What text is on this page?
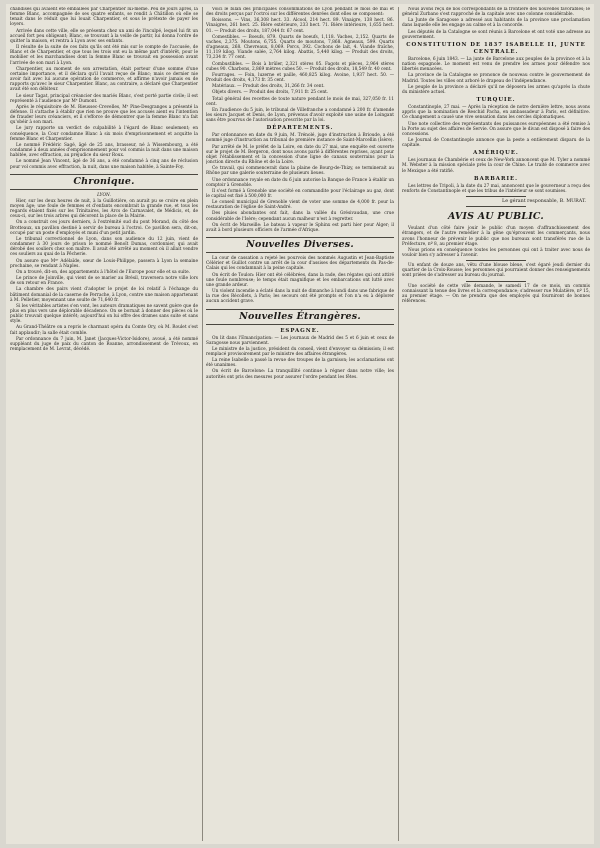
chandises qui avaient été emballées par Charpentier lui-même. Peu de jours après, la femme Blanc, accompagnée de ses quatre enfants, se rendit à Châtillon où elle se tenait dans le réduit que lui louait Charpentier, et sous le prétexte de payer les loyers.

Arrivée dans cette ville, elle se présenta chez un ami de l'inculpé, lequel lui fit un accueil fort peu obligeant; Blanc, se trouvant à la veille de partir, lui donna l'ordre de quitter la maison, et rentra à Lyon avec ses enfants.

Il résulte de la suite de ces faits qu'ils ont été mis sur le compte de l'accusée, de Blanc et de Charpentier, et que tous les trois ont eu la même part d'intérêt, pour le mobilier et les marchandises dont la femme Blanc se trouvait en possession avant l'arrivée de son mari à Lyon.

Charpentier, au moment de son arrestation, était porteur d'une somme d'une certaine importance, et il déclara qu'il l'avait reçue de Blanc; mais ce dernier nie avoir fait avec lui aucune opération de commerce, et affirme n'avoir jamais eu de rapports qu'avec le sieur Charpentier. Blanc, au contraire, a déclaré que Charpentier avait été son débiteur.

Le sieur Tagat, principal créancier des mariés Blanc, s'est porté partie civile; il est représenté à l'audience par Mᵉ Dumont.

Après le réquisitoire de M. Rieussec-Crevelles, Mᵉ Pine-Desgranges a présenté la défense. Il s'attache à établir que rien ne prouve que les accusés aient eu l'intention de frauder leurs créanciers, et il s'efforce de démontrer que la femme Blanc n'a fait qu'obéir à son mari.

Le jury rapporte un verdict de culpabilité à l'égard de Blanc seulement; en conséquence, la Cour condamne Blanc à six mois d'emprisonnement et acquitte la femme Blanc et Charpentier.

Le nommé Frédéric Sagé, âgé de 25 ans, brasseur, né à Wissembourg, a été condamné à deux années d'emprisonnement pour vol commis la nuit dans une maison habitée, avec effraction, au préjudice du sieur Roux.

Le nommé Jean Vincent, âgé de 36 ans, a été condamné à cinq ans de réclusion pour vol commis avec effraction, la nuit, dans une maison habitée, à Sainte-Foy.

Chronique.
LYON.

Hier, sur les deux heures de nuit, à la Guillotière, on aurait pu se croire en plein moyen âge; une foule de femmes et d'enfants encombrait la grande rue, et tous les regards étaient fixés sur les Trinitaires, les Arcs de Carnavalet, de Médicis, et, de ceux-ci, sur les trois arbres qui décorent la place de la Mairie.

On a construit ces jours derniers, à l'extrémité sud du pont Morand, du côté des Brotteaux, un pavillon destiné à servir de bureau à l'octroi. Ce pavillon sera, dit-on, occupé par un poste d'employés et muni d'un petit jardin.

Le tribunal correctionnel de Lyon, dans son audience du 12 juin, vient de condamner à 30 jours de prison le nommé Benoît Dumas, cordonnier, qui avait dérobé des souliers chez son maître. Il avait été arrêté au moment où il allait vendre ces souliers au quai de la Pêcherie.

On assure que Mᵍʳ Adélaïde, sœur de Louis-Philippe, passera à Lyon la semaine prochaine, se rendant à Naples.

On a trouvé, dit-on, des appartements à l'hôtel de l'Europe pour elle et sa suite.

Le prince de Joinville, qui vient de se marier au Brésil, traversera notre ville lors de son retour en France.

La chambre des pairs vient d'adopter le projet de loi relatif à l'échange du bâtiment domanial de la caserne de Perrache, à Lyon, contre une maison appartenant à M. Pelletier, moyennant une soulte de 71,640 fr.

Si les véritables artistes s'en vont, les auteurs dramatiques ne savent guère que de plus en plus vers une déplorable décadence. On se bornait à donner des pièces où le public trouvait quelque intérêt; aujourd'hui on lui offre des drames sans suite et sans style.

Au Grand-Théâtre on a repris le charmant opéra du Comte Ory, où M. Roulet s'est fait applaudir; la salle était comble.

Par ordonnance du 7 juin, M. Janet (Jacques-Victor-Isidore), avoué, a été nommé suppléant du juge de paix du canton de Roanne, arrondissement de Trévoux, en remplacement de M. Levrat, décédé.

Voici le bilan des principales consommations de Lyon pendant le mois de mai et des droits perçus par l'octroi sur les différentes denrées dont elles se composent:

Boissons. — Vins, 36,308 hect. 33. Alcool, 214 hect. 89. Vinaigre, 138 hect. 86. Vinaigres, 261 hect. 25. Bière extérieure, 233 hect. 71. Bière intérieure, 1,655 hect. 01. — Produit des droits, 187,044 fr. 67 cent.

Comestibles. — Boeufs, 879. Quarts de boeufs, 1,118. Vaches, 2,152. Quarts de vaches, 2,375. Moutons, 6,755. Quarts de moutons, 7,868. Agneaux, 599. Quarts d'agneaux, 268. Chevreaux, 8,069. Porcs, 392. Cochons de lait, 4. Viande fraîche, 11,119 kilog. Viande salée, 2,764 kilog. Abattis, 5,440 kilog. — Produit des droits, 73,234 fr. 77 cent.

Combustibles. — Bois à brûler, 2,321 stères 05. Fagots et pièces, 2,964 stères cubes 90. Charbons, 2,869 mètres cubes 50. — Produit des droits, 18,549 fr. 40 cent.

Fourrages. — Foin, luzerne et paille, 460,825 kilog. Avoine, 1,937 hect. 50. — Produit des droits, 4,173 fr. 35 cent.

Matériaux. — Produit des droits, 31,266 fr. 34 cent.

Objets divers. — Produit des droits, 7,911 fr. 25 cent.

Total général des recettes de toute nature pendant le mois de mai, 327,050 fr. 11 cent.

En l'audience du 5 juin, le tribunal de Villefranche a condamné à 200 fr. d'amende les sieurs Jacquet et Denis, de Lyon, prévenus d'avoir exploité une usine de Loingant sans être pourvus de l'autorisation prescrite par la loi.

DÉPARTEMENTS.

Par ordonnance en date du 9 juin, M. Trénolé, juge d'instruction à Brioude, a été nommé juge d'instruction au tribunal de première instance de Saint-Marcellin (Isère).

Par arrêté de M. le préfet de la Loire, en date du 27 mai, une enquête est ouverte sur le projet de M. Bergeron, dont nous avons parlé à différentes reprises, ayant pour objet l'établissement et la concession d'une ligne de canaux souterrains pour la jonction directe du Rhône et de la Loire.

Ce travail, qui commencerait dans la plaine de Bourg-de-Thizy, se terminerait au Rhône par une galerie souterraine de plusieurs lieues.

Une ordonnance royale en date du 6 juin autorise la Banque de France à établir un comptoir à Grenoble.

Il s'est formé à Grenoble une société en commandite pour l'éclairage au gaz, dont le capital est fixé à 500,000 fr.

Le conseil municipal de Grenoble vient de voter une somme de 4,000 fr. pour la restauration de l'église de Saint-André.

Des pluies abondantes ont fait, dans la vallée du Grésivaudan, une crue considérable de l'Isère; cependant aucun malheur n'est à regretter.

On écrit de Marseille: Le bateau à vapeur le Sphinx est parti hier pour Alger; il avait à bord plusieurs officiers de l'armée d'Afrique.

Nouvelles Diverses.

La cour de cassation a rejeté les pourvois des nommés Augustin et Jean-Baptiste Célérier et Guillot contre un arrêt de la cour d'assises des départements du Pas-de-Calais qui les condamnait à la peine capitale.

On écrit de Toulon: Hier ont été célébrées, dans la rade, des régates qui ont attiré une foule nombreuse; le temps était magnifique et les embarcations ont lutté avec une grande ardeur.

Un violent incendie a éclaté dans la nuit de dimanche à lundi dans une fabrique de la rue des Récollets, à Paris; les secours ont été prompts et l'on n'a eu à déplorer aucun accident grave.

Nouvelles Étrangères.
ESPAGNE.

On lit dans l'Emancipation: — Les journaux de Madrid des 5 et 6 juin et ceux de Saragosse nous parviennent.

Le ministre de la justice, président du conseil, vient d'envoyer sa démission; il est remplacé provisoirement par le ministre des affaires étrangères.

La reine Isabelle a passé la revue des troupes de la garnison; les acclamations ont été unanimes.

On écrit de Barcelone: La tranquillité continue à régner dans notre ville; les autorités ont pris des mesures pour assurer l'ordre pendant les fêtes.

Nous avons reçu de nos correspondants de la frontière des nouvelles favorables; le général Zurbano s'est rapproché de la capitale avec une colonne considérable.

La Junte de Saragosse a adressé aux habitants de la province une proclamation dans laquelle elle les engage au calme et à la concorde.

Les députés de la Catalogne se sont réunis à Barcelone et ont voté une adresse au gouvernement.

CONSTITUTION DE 1837 ISABELLE II, JUNTE CENTRALE.

Barcelone, 6 juin 1843. — La junte de Barcelone aux peuples de la province et à la nation espagnole. Le moment est venu de prendre les armes pour défendre nos libertés menacées.

La province de la Catalogne se prononce de nouveau contre le gouvernement de Madrid. Toutes les villes ont arboré le drapeau de l'indépendance.

Le peuple de la province a déclaré qu'il ne déposera les armes qu'après la chute du ministère actuel.

TURQUIE.

Constantinople, 27 mai. — Après la réception de notre dernière lettre, nous avons appris que la nomination de Reschid Pacha, en ambassadeur à Paris, est définitive. Ce changement a causé une vive sensation dans les cercles diplomatiques.

Une note collective des représentants des puissances européennes a été remise à la Porte au sujet des affaires de Servie. On assure que le divan est disposé à faire des concessions.

Le Journal de Constantinople annonce que la peste a entièrement disparu de la capitale.

AMÉRIQUE.

Les journaux de Chambérie et ceux de New-York annoncent que M. Tyler a nommé M. Webster à la mission spéciale près la cour de Chine. Le traité de commerce avec le Mexique a été ratifié.

BARBARIE.

Les lettres de Tripoli, à la date du 27 mai, annoncent que le gouverneur a reçu des renforts de Constantinople et que les tribus de l'intérieur se sont soumises.

Le gérant responsable, B. MURAT.
AVIS AU PUBLIC.

Voulant d'un côté faire jouir le public d'un moyen d'affranchissement des étrangers, et de l'autre remédier à la gêne qu'éprouvent les commerçants, nous avons l'honneur de prévenir le public que nos bureaux sont transférés rue de la Préfecture, nº 8, au premier étage.

Nous prions en conséquence toutes les personnes qui ont à traiter avec nous de vouloir bien s'y adresser à l'avenir.

Un enfant de douze ans, vêtu d'une blouse bleue, s'est égaré jeudi dernier du quartier de la Croix-Rousse; les personnes qui pourraient donner des renseignements sont priées de s'adresser au bureau du journal.

Une société de cette ville demande, le samedi 17 de ce mois, un commis connaissant la tenue des livres et la correspondance; s'adresser rue Mulatière, nº 15, au premier étage. — On ne prendra que des employés qui fourniront de bonnes références.
